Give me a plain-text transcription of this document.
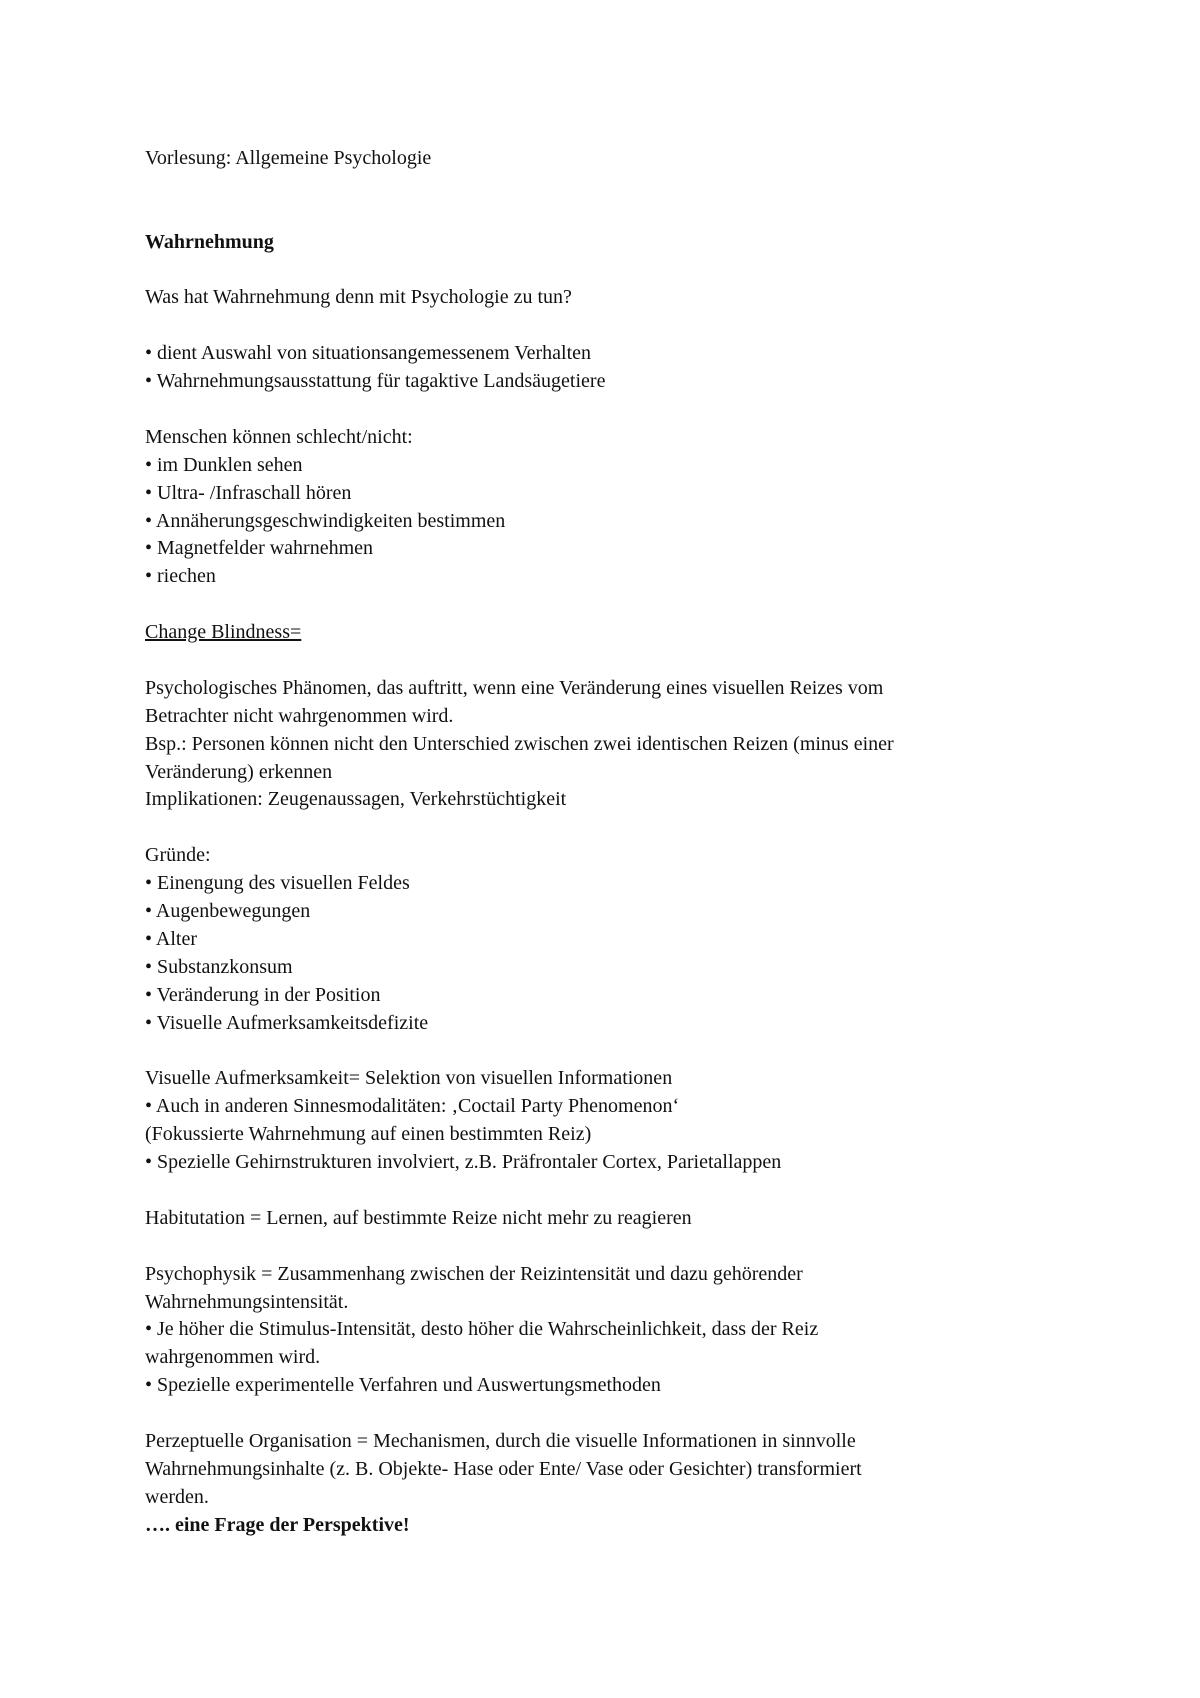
Vorlesung: Allgemeine Psychologie
Wahrnehmung
Was hat Wahrnehmung denn mit Psychologie zu tun?
• dient Auswahl von situationsangemessenem Verhalten
• Wahrnehmungsausstattung für tagaktive Landsäugetiere
Menschen können schlecht/nicht:
• im Dunklen sehen
• Ultra- /Infraschall hören
• Annäherungsgeschwindigkeiten bestimmen
• Magnetfelder wahrnehmen
• riechen
Change Blindness=
Psychologisches Phänomen, das auftritt, wenn eine Veränderung eines visuellen Reizes vom
Betrachter nicht wahrgenommen wird.
Bsp.: Personen können nicht den Unterschied zwischen zwei identischen Reizen (minus einer
Veränderung) erkennen
Implikationen: Zeugenaussagen, Verkehrstüchtigkeit
Gründe:
• Einengung des visuellen Feldes
• Augenbewegungen
• Alter
• Substanzkonsum
• Veränderung in der Position
• Visuelle Aufmerksamkeitsdefizite
Visuelle Aufmerksamkeit= Selektion von visuellen Informationen
• Auch in anderen Sinnesmodalitäten: ‚Coctail Party Phenomenon‘
(Fokussierte Wahrnehmung auf einen bestimmten Reiz)
• Spezielle Gehirnstrukturen involviert, z.B. Präfrontaler Cortex, Parietallappen
Habitutation = Lernen, auf bestimmte Reize nicht mehr zu reagieren
Psychophysik = Zusammenhang zwischen der Reizintensität und dazu gehörender
Wahrnehmungsintensität.
• Je höher die Stimulus-Intensität, desto höher die Wahrscheinlichkeit, dass der Reiz
wahrgenommen wird.
• Spezielle experimentelle Verfahren und Auswertungsmethoden
Perzeptuelle Organisation = Mechanismen, durch die visuelle Informationen in sinnvolle
Wahrnehmungsinhalte (z. B. Objekte- Hase oder Ente/ Vase oder Gesichter) transformiert
werden.
…. eine Frage der Perspektive!
